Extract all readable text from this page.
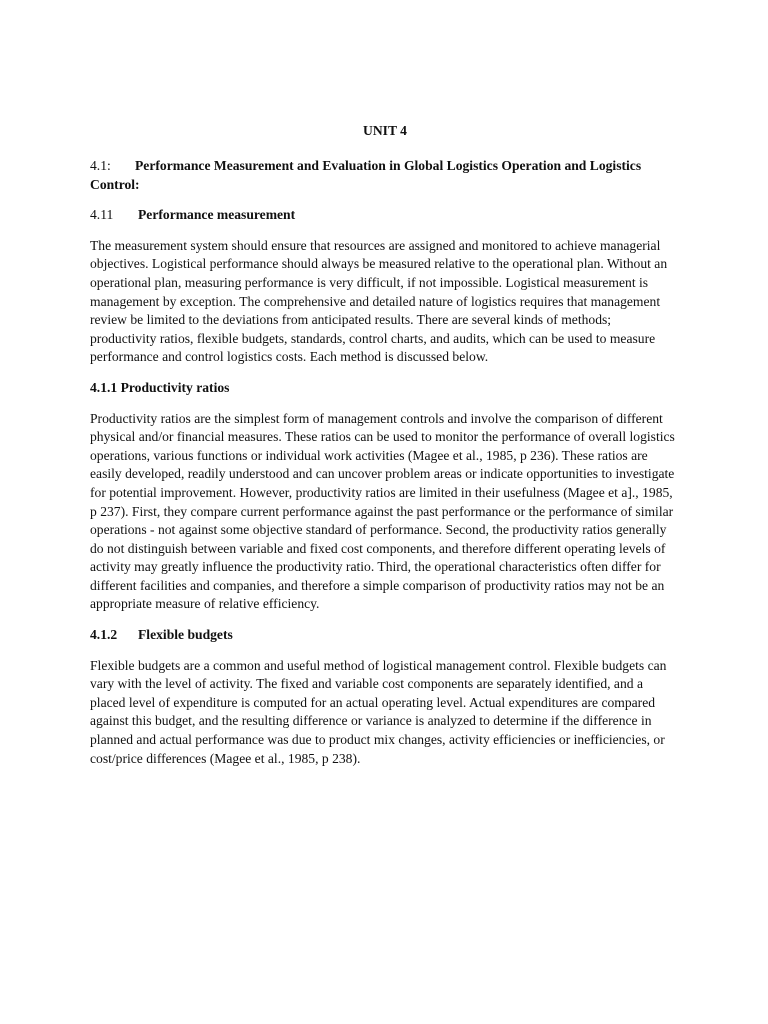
UNIT 4
4.1: Performance Measurement and Evaluation in Global Logistics Operation and Logistics Control:
4.11 Performance measurement

The measurement system should ensure that resources are assigned and monitored to achieve managerial objectives. Logistical performance should always be measured relative to the operational plan. Without an operational plan, measuring performance is very difficult, if not impossible. Logistical measurement is management by exception. The comprehensive and detailed nature of logistics requires that management review be limited to the deviations from anticipated results. There are several kinds of methods; productivity ratios, flexible budgets, standards, control charts, and audits, which can be used to measure performance and control logistics costs. Each method is discussed below.

4.1.1 Productivity ratios

Productivity ratios are the simplest form of management controls and involve the comparison of different physical and/or financial measures. These ratios can be used to monitor the performance of overall logistics operations, various functions or individual work activities (Magee et al., 1985, p 236). These ratios are easily developed, readily understood and can uncover problem areas or indicate opportunities to investigate for potential improvement. However, productivity ratios are limited in their usefulness (Magee et a]., 1985, p 237). First, they compare current performance against the past performance or the performance of similar operations - not against some objective standard of performance. Second, the productivity ratios generally do not distinguish between variable and fixed cost components, and therefore different operating levels of activity may greatly influence the productivity ratio. Third, the operational characteristics often differ for different facilities and companies, and therefore a simple comparison of productivity ratios may not be an appropriate measure of relative efficiency.

4.1.2 Flexible budgets

Flexible budgets are a common and useful method of logistical management control. Flexible budgets can vary with the level of activity. The fixed and variable cost components are separately identified, and a placed level of expenditure is computed for an actual operating level. Actual expenditures are compared against this budget, and the resulting difference or variance is analyzed to determine if the difference in planned and actual performance was due to product mix changes, activity efficiencies or inefficiencies, or cost/price differences (Magee et al., 1985, p 238).
